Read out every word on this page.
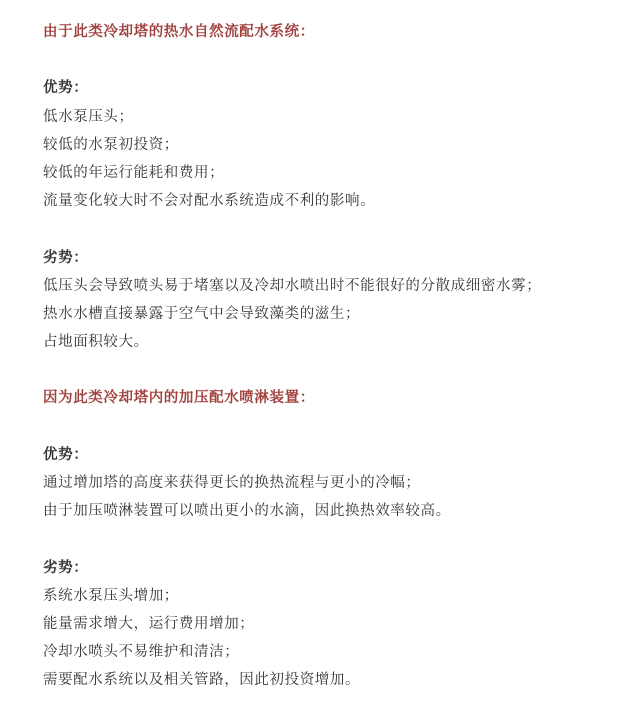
由于此类冷却塔的热水自然流配水系统：
优势：
低水泵压头；
较低的水泵初投资；
较低的年运行能耗和费用；
流量变化较大时不会对配水系统造成不利的影响。
劣势：
低压头会导致喷头易于堵塞以及冷却水喷出时不能很好的分散成细密水雾；
热水水槽直接暴露于空气中会导致藻类的滋生；
占地面积较大。
因为此类冷却塔内的加压配水喷淋装置：
优势：
通过增加塔的高度来获得更长的换热流程与更小的冷幅；
由于加压喷淋装置可以喷出更小的水滴，因此换热效率较高。
劣势：
系统水泵压头增加；
能量需求增大，运行费用增加；
冷却水喷头不易维护和清洁；
需要配水系统以及相关管路，因此初投资增加。
